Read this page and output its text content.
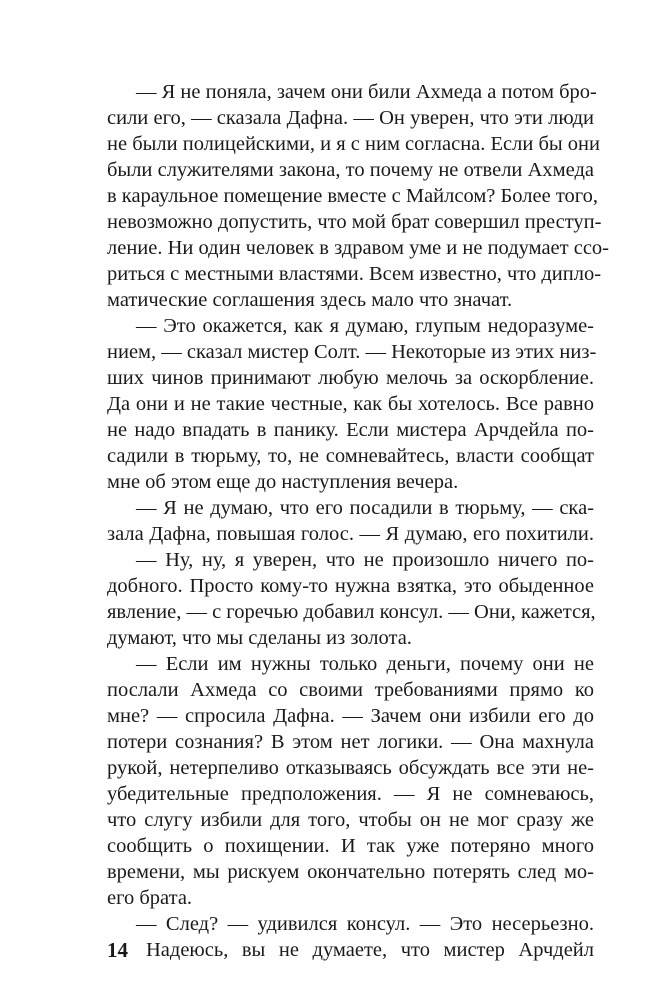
— Я не поняла, зачем они били Ахмеда а потом бро-
сили его, — сказала Дафна. — Он уверен, что эти люди
не были полицейскими, и я с ним согласна. Если бы они
были служителями закона, то почему не отвели Ахмеда
в караульное помещение вместе с Майлсом? Более того,
невозможно допустить, что мой брат совершил преступ-
ление. Ни один человек в здравом уме и не подумает ссо-
риться с местными властями. Всем известно, что дипло-
матические соглашения здесь мало что значат.
— Это окажется, как я думаю, глупым недоразуме-
нием, — сказал мистер Солт. — Некоторые из этих низ-
ших чинов принимают любую мелочь за оскорбление.
Да они и не такие честные, как бы хотелось. Все равно
не надо впадать в панику. Если мистера Арчдейла по-
садили в тюрьму, то, не сомневайтесь, власти сообщат
мне об этом еще до наступления вечера.
— Я не думаю, что его посадили в тюрьму, — ска-
зала Дафна, повышая голос. — Я думаю, его похитили.
— Ну, ну, я уверен, что не произошло ничего по-
добного. Просто кому-то нужна взятка, это обыденное
явление, — с горечью добавил консул. — Они, кажется,
думают, что мы сделаны из золота.
— Если им нужны только деньги, почему они не
послали Ахмеда со своими требованиями прямо ко
мне? — спросила Дафна. — Зачем они избили его до
потери сознания? В этом нет логики. — Она махнула
рукой, нетерпеливо отказываясь обсуждать все эти не-
убедительные предположения. — Я не сомневаюсь,
что слугу избили для того, чтобы он не мог сразу же
сообщить о похищении. И так уже потеряно много
времени, мы рискуем окончательно потерять след мо-
его брата.
— След? — удивился консул. — Это несерьезно.
14 Надеюсь, вы не думаете, что мистер Арчдейл
